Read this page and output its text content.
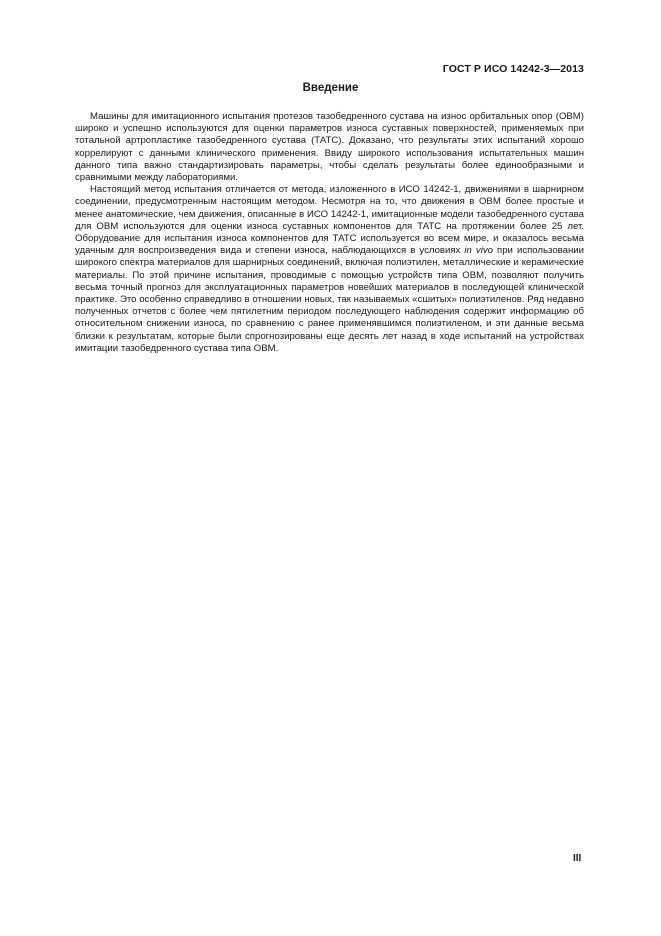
ГОСТ Р ИСО 14242-3—2013
Введение

Машины для имитационного испытания протезов тазобедренного сустава на износ орбитальных опор (ОВМ) широко и успешно используются для оценки параметров износа суставных поверхностей, применяемых при тотальной артропластике тазобедренного сустава (ТАТС). Доказано, что результаты этих испытаний хорошо коррелируют с данными клинического применения. Ввиду широкого использования испытательных машин данного типа важно стандартизировать параметры, чтобы сделать результаты более единообразными и сравнимыми между лабораториями.

Настоящий метод испытания отличается от метода, изложенного в ИСО 14242-1, движениями в шарнирном соединении, предусмотренным настоящим методом. Несмотря на то, что движения в ОВМ более простые и менее анатомические, чем движения, описанные в ИСО 14242-1, имитационные модели тазобедренного сустава для ОВМ используются для оценки износа суставных компонентов для ТАТС на протяжении более 25 лет. Оборудование для испытания износа компонентов для ТАТС используется во всем мире, и оказалось весьма удачным для воспроизведения вида и степени износа, наблюдающихся в условиях in vivo при использовании широкого спектра материалов для шарнирных соединений, включая полиэтилен, металлические и керамические материалы. По этой причине испытания, проводимые с помощью устройств типа ОВМ, позволяют получить весьма точный прогноз для эксплуатационных параметров новейших материалов в последующей клинической практике. Это особенно справедливо в отношении новых, так называемых «сшитых» полиэтиленов. Ряд недавно полученных отчетов с более чем пятилетним периодом последующего наблюдения содержит информацию об относительном снижении износа, по сравнению с ранее применявшимся полиэтиленом, и эти данные весьма близки к результатам, которые были спрогнозированы еще десять лет назад в ходе испытаний на устройствах имитации тазобедренного сустава типа ОВМ.

III
